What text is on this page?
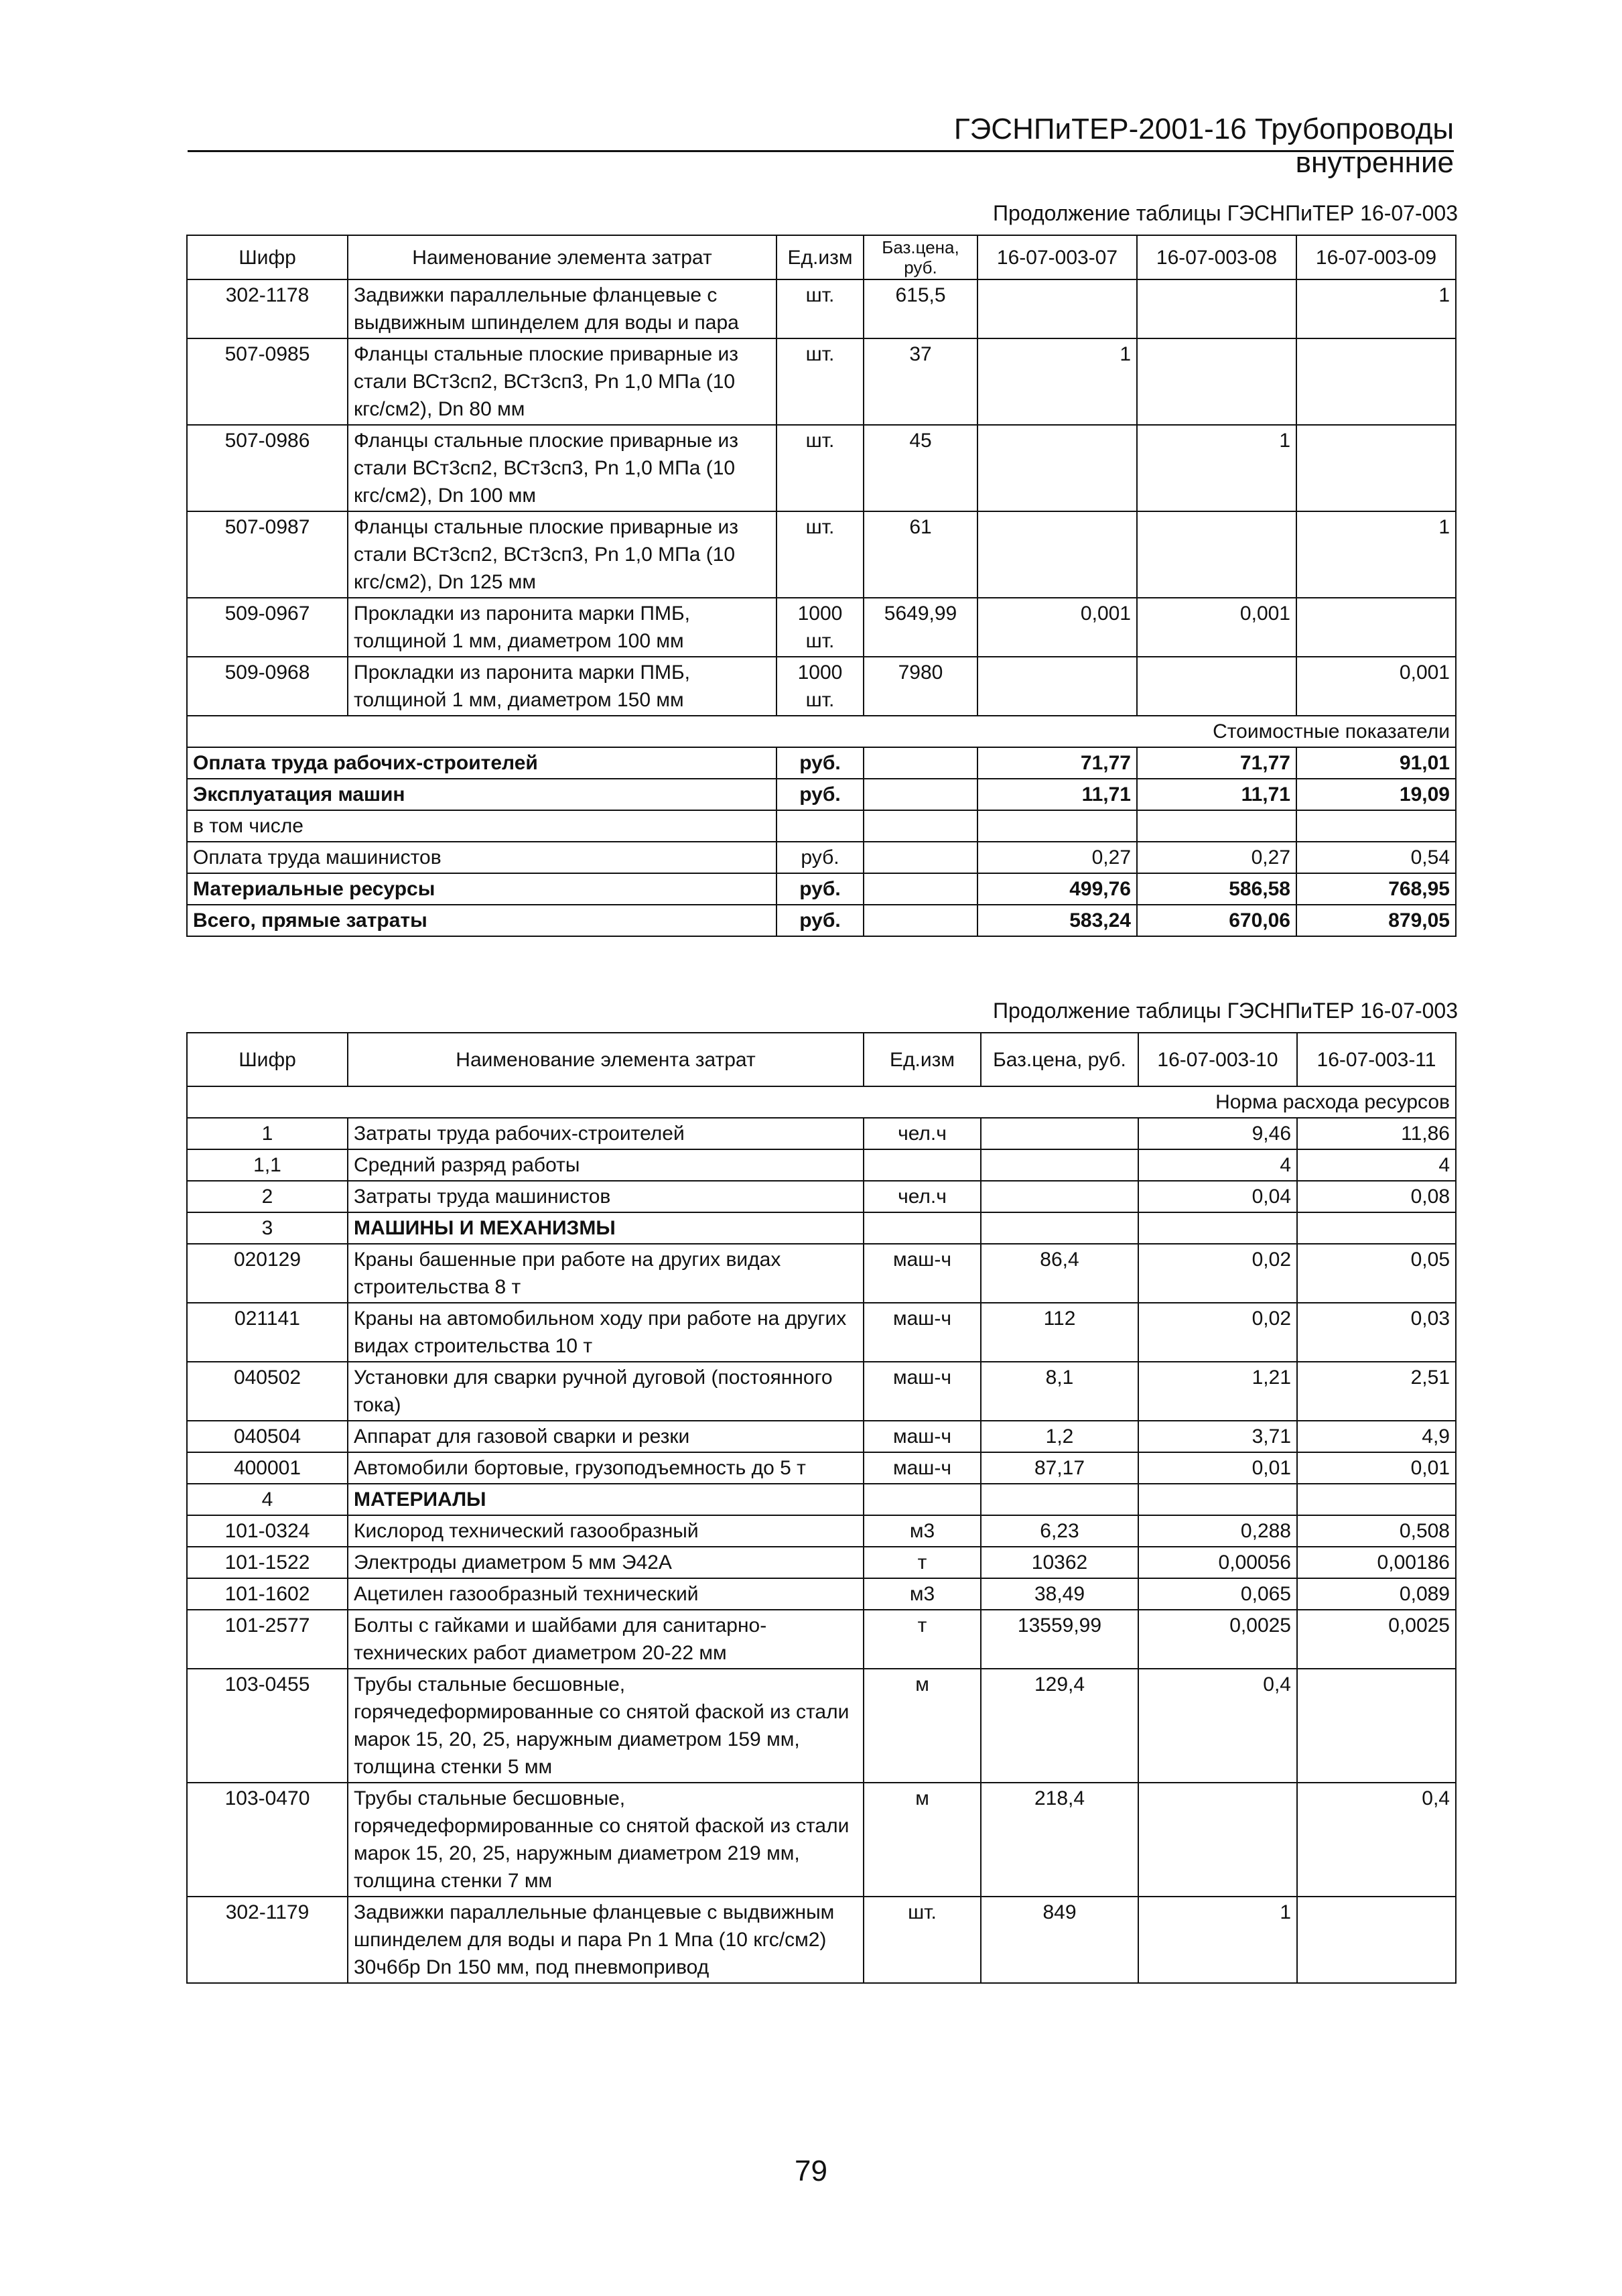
ГЭСНПиТЕР-2001-16 Трубопроводы внутренние
Продолжение таблицы ГЭСНПиТЕР 16-07-003
Шифр	Наименование элемента затрат	Ед.изм	Баз.цена, руб.	16-07-003-07	16-07-003-08	16-07-003-09
302-1178	Задвижки параллельные фланцевые с выдвижным шпинделем для воды и пара	шт.	615,5			1
507-0985	Фланцы стальные плоские приварные из стали ВСт3сп2, ВСт3сп3, Pn 1,0 МПа (10 кгс/см2), Dn 80 мм	шт.	37	1		
507-0986	Фланцы стальные плоские приварные из стали ВСт3сп2, ВСт3сп3, Pn 1,0 МПа (10 кгс/см2), Dn 100 мм	шт.	45		1	
507-0987	Фланцы стальные плоские приварные из стали ВСт3сп2, ВСт3сп3, Pn 1,0 МПа (10 кгс/см2), Dn 125 мм	шт.	61			1
509-0967	Прокладки из паронита марки ПМБ, толщиной 1 мм, диаметром 100 мм	1000 шт.	5649,99	0,001	0,001	
509-0968	Прокладки из паронита марки ПМБ, толщиной 1 мм, диаметром 150 мм	1000 шт.	7980			0,001
Стоимостные показатели						
Оплата труда рабочих-строителей		руб.		71,77	71,77	91,01
Эксплуатация машин		руб.		11,71	11,71	19,09
в том числе						
Оплата труда машинистов		руб.		0,27	0,27	0,54
Материальные ресурсы		руб.		499,76	586,58	768,95
Всего, прямые затраты		руб.		583,24	670,06	879,05
Продолжение таблицы ГЭСНПиТЕР 16-07-003
Шифр	Наименование элемента затрат	Ед.изм	Баз.цена, руб.	16-07-003-10	16-07-003-11
Норма расхода ресурсов					
1	Затраты труда рабочих-строителей	чел.ч		9,46	11,86
1,1	Средний разряд работы			4	4
2	Затраты труда машинистов	чел.ч		0,04	0,08
3	МАШИНЫ И МЕХАНИЗМЫ				
020129	Краны башенные при работе на других видах строительства 8 т	маш-ч	86,4	0,02	0,05
021141	Краны на автомобильном ходу при работе на других видах строительства 10 т	маш-ч	112	0,02	0,03
040502	Установки для сварки ручной дуговой (постоянного тока)	маш-ч	8,1	1,21	2,51
040504	Аппарат для газовой сварки и резки	маш-ч	1,2	3,71	4,9
400001	Автомобили бортовые, грузоподъемность до 5 т	маш-ч	87,17	0,01	0,01
4	МАТЕРИАЛЫ				
101-0324	Кислород технический газообразный	м3	6,23	0,288	0,508
101-1522	Электроды диаметром 5 мм Э42А	т	10362	0,00056	0,00186
101-1602	Ацетилен газообразный технический	м3	38,49	0,065	0,089
101-2577	Болты с гайками и шайбами для санитарно-технических работ диаметром 20-22 мм	т	13559,99	0,0025	0,0025
103-0455	Трубы стальные бесшовные, горячедеформированные со снятой фаской из стали марок 15, 20, 25, наружным диаметром 159 мм, толщина стенки 5 мм	м	129,4	0,4	
103-0470	Трубы стальные бесшовные, горячедеформированные со снятой фаской из стали марок 15, 20, 25, наружным диаметром 219 мм, толщина стенки 7 мм	м	218,4		0,4
302-1179	Задвижки параллельные фланцевые с выдвижным шпинделем для воды и пара Pn 1 Мпа (10 кгс/см2) 30ч6бр Dn 150 мм, под пневмопривод	шт.	849	1	
79
